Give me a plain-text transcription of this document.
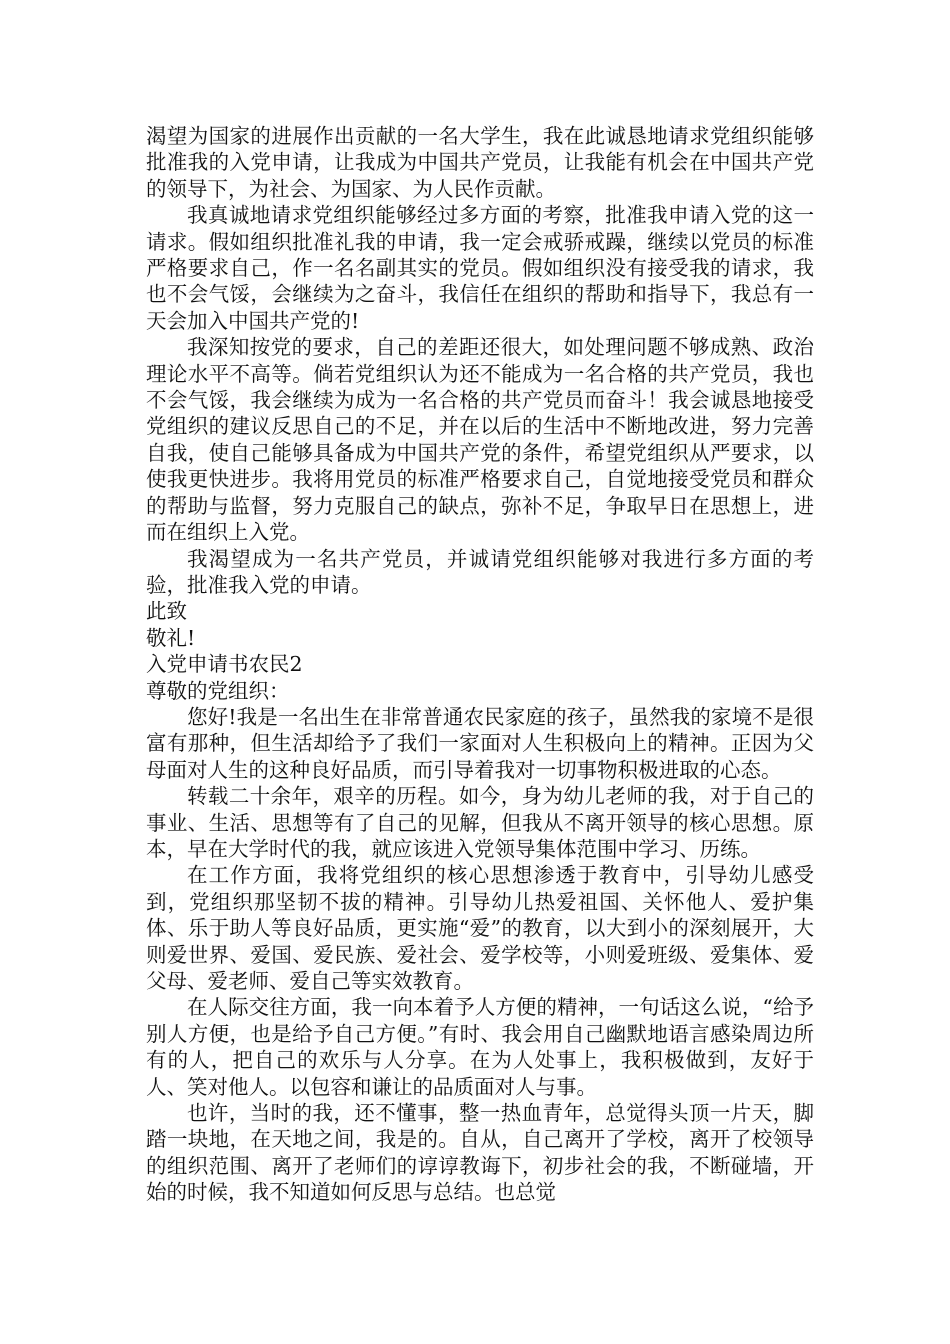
渴望为国家的进展作出贡献的一名大学生，我在此诚恳地请求党组织能够批准我的入党申请，让我成为中国共产党员，让我能有机会在中国共产党的领导下，为社会、为国家、为人民作贡献。

我真诚地请求党组织能够经过多方面的考察，批准我申请入党的这一请求。假如组织批准礼我的申请，我一定会戒骄戒躁，继续以党员的标准严格要求自己，作一名名副其实的党员。假如组织没有接受我的请求，我也不会气馁，会继续为之奋斗，我信任在组织的帮助和指导下，我总有一天会加入中国共产党的!

我深知按党的要求，自己的差距还很大，如处理问题不够成熟、政治理论水平不高等。倘若党组织认为还不能成为一名合格的共产党员，我也不会气馁，我会继续为成为一名合格的共产党员而奋斗！我会诚恳地接受党组织的建议反思自己的不足，并在以后的生活中不断地改进，努力完善自我，使自己能够具备成为中国共产党的条件，希望党组织从严要求，以使我更快进步。我将用党员的标准严格要求自己，自觉地接受党员和群众的帮助与监督，努力克服自己的缺点，弥补不足，争取早日在思想上，进而在组织上入党。

我渴望成为一名共产党员，并诚请党组织能够对我进行多方面的考验，批准我入党的申请。

此致

敬礼!

入党申请书农民2

尊敬的党组织：

您好!我是一名出生在非常普通农民家庭的孩子，虽然我的家境不是很富有那种，但生活却给予了我们一家面对人生积极向上的精神。正因为父母面对人生的这种良好品质，而引导着我对一切事物积极进取的心态。

转载二十余年，艰辛的历程。如今，身为幼儿老师的我，对于自己的事业、生活、思想等有了自己的见解，但我从不离开领导的核心思想。原本，早在大学时代的我，就应该进入党领导集体范围中学习、历练。

在工作方面，我将党组织的核心思想渗透于教育中，引导幼儿感受到，党组织那坚韧不拔的精神。引导幼儿热爱祖国、关怀他人、爱护集体、乐于助人等良好品质，更实施“爱”的教育，以大到小的深刻展开，大则爱世界、爱国、爱民族、爱社会、爱学校等，小则爱班级、爱集体、爱父母、爱老师、爱自己等实效教育。

在人际交往方面，我一向本着予人方便的精神，一句话这么说，“给予别人方便，也是给予自己方便。”有时、我会用自己幽默地语言感染周边所有的人，把自己的欢乐与人分享。在为人处事上，我积极做到，友好于人、笑对他人。以包容和谦让的品质面对人与事。

也许，当时的我，还不懂事，整一热血青年，总觉得头顶一片天，脚踏一块地，在天地之间，我是的。自从，自己离开了学校，离开了校领导的组织范围、离开了老师们的谆谆教诲下，初步社会的我，不断碰墙，开始的时候，我不知道如何反思与总结。也总觉
